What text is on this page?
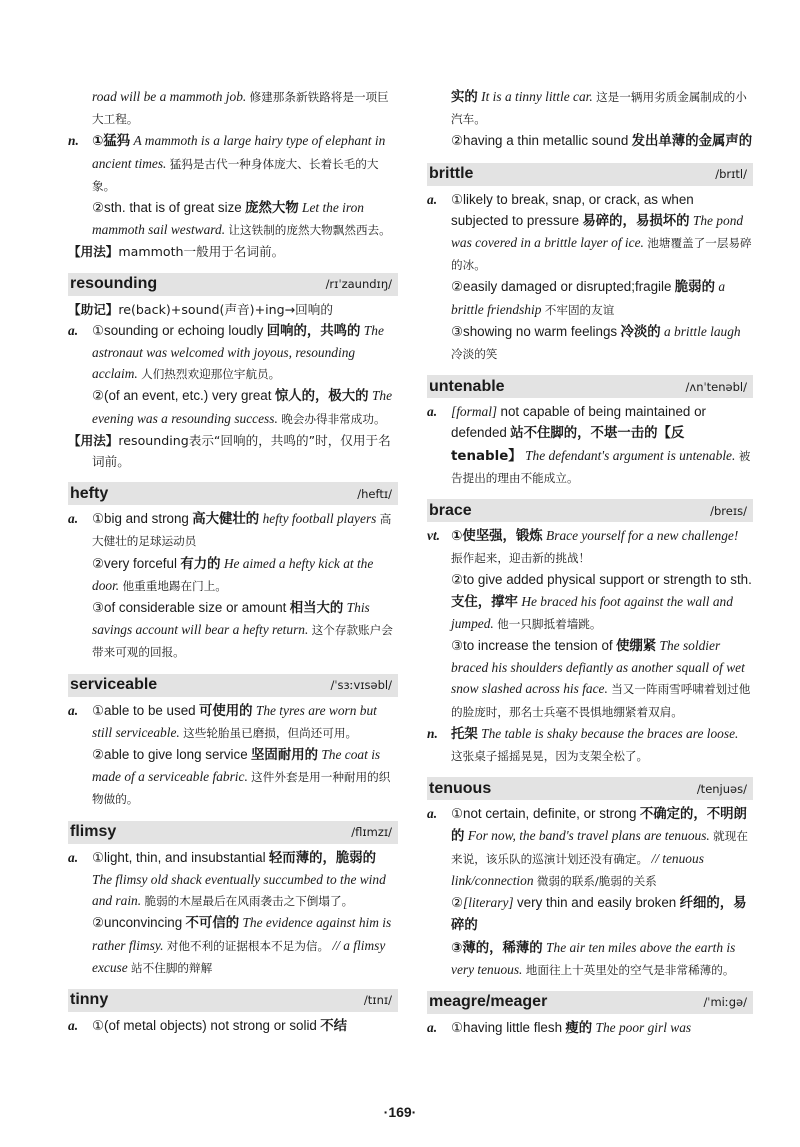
road will be a mammoth job. 修建那条新铁路将是一项巨大工程。
n. ①猛犸 A mammoth is a large hairy type of elephant in ancient times. 猛犸是古代一种身体庞大、长着长毛的大象。
②sth. that is of great size 庞然大物 Let the iron mammoth sail westward. 让这铁制的庞然大物飘然西去。
【用法】mammoth一般用于名词前。
resounding	/rɪˈzaundɪŋ/
【助记】re(back)+sound(声音)+ing→回响的
a. ①sounding or echoing loudly 回响的，共鸣的 The astronaut was welcomed with joyous, resounding acclaim. 人们热烈欢迎那位宇航员。
②(of an event, etc.) very great 惊人的，极大的 The evening was a resounding success. 晚会办得非常成功。
【用法】resounding表示“回响的，共鸣的”时，仅用于名词前。
hefty	/heftɪ/
a. ①big and strong 高大健壮的 hefty football players 高大健壮的足球运动员
②very forceful 有力的 He aimed a hefty kick at the door. 他重重地踢在门上。
③of considerable size or amount 相当大的 This savings account will bear a hefty return. 这个存款账户会带来可观的回报。
serviceable	/ˈsɜːvɪsəbl/
a. ①able to be used 可使用的 The tyres are worn but still serviceable. 这些轮胎虽已磨损，但尚还可用。
②able to give long service 坚固耐用的 The coat is made of a serviceable fabric. 这件外套是用一种耐用的织物做的。
flimsy	/flɪmzɪ/
a. ①light, thin, and insubstantial 轻而薄的，脆弱的 The flimsy old shack eventually succumbed to the wind and rain. 脆弱的木屋最后在风雨袭击之下倒塌了。
②unconvincing 不可信的 The evidence against him is rather flimsy. 对他不利的证据根本不足为信。 // a flimsy excuse 站不住脚的辩解
tinny	/tɪnɪ/
a. ①(of metal objects) not strong or solid 不结
实的 It is a tinny little car. 这是一辆用劣质金属制成的小汽车。
②having a thin metallic sound 发出单薄的金属声的
brittle	/brɪtl/
a. ①likely to break, snap, or crack, as when subjected to pressure 易碎的，易损坏的 The pond was covered in a brittle layer of ice. 池塘覆盖了一层易碎的冰。
②easily damaged or disrupted;fragile 脆弱的 a brittle friendship 不牢固的友谊
③showing no warm feelings 冷淡的 a brittle laugh 冷淡的笑
untenable	/ʌnˈtenəbl/
a. [formal] not capable of being maintained or defended 站不住脚的，不堪一击的【反 tenable】 The defendant's argument is untenable. 被告提出的理由不能成立。
brace	/breɪs/
vt. ①使坚强，锻炼 Brace yourself for a new challenge! 振作起来，迎击新的挑战！
②to give added physical support or strength to sth. 支住，撑牢 He braced his foot against the wall and jumped. 他一只脚抵着墙跳。
③to increase the tension of 使绷紧 The soldier braced his shoulders defiantly as another squall of wet snow slashed across his face. 当又一阵雨雪呼啸着划过他的脸庞时，那名士兵毫不畏惧地绷紧着双肩。
n. 托架 The table is shaky because the braces are loose. 这张桌子摇摇晃晃，因为支架全松了。
tenuous	/tenjuəs/
a. ①not certain, definite, or strong 不确定的，不明朗的 For now, the band's travel plans are tenuous. 就现在来说，该乐队的巡演计划还没有确定。 // tenuous link/connection 微弱的联系/脆弱的关系
②[literary] very thin and easily broken 纤细的，易碎的
③薄的，稀薄的 The air ten miles above the earth is very tenuous. 地面往上十英里处的空气是非常稀薄的。
meagre/meager	/ˈmiːgə/
a. ①having little flesh 瘦的 The poor girl was
·169·
